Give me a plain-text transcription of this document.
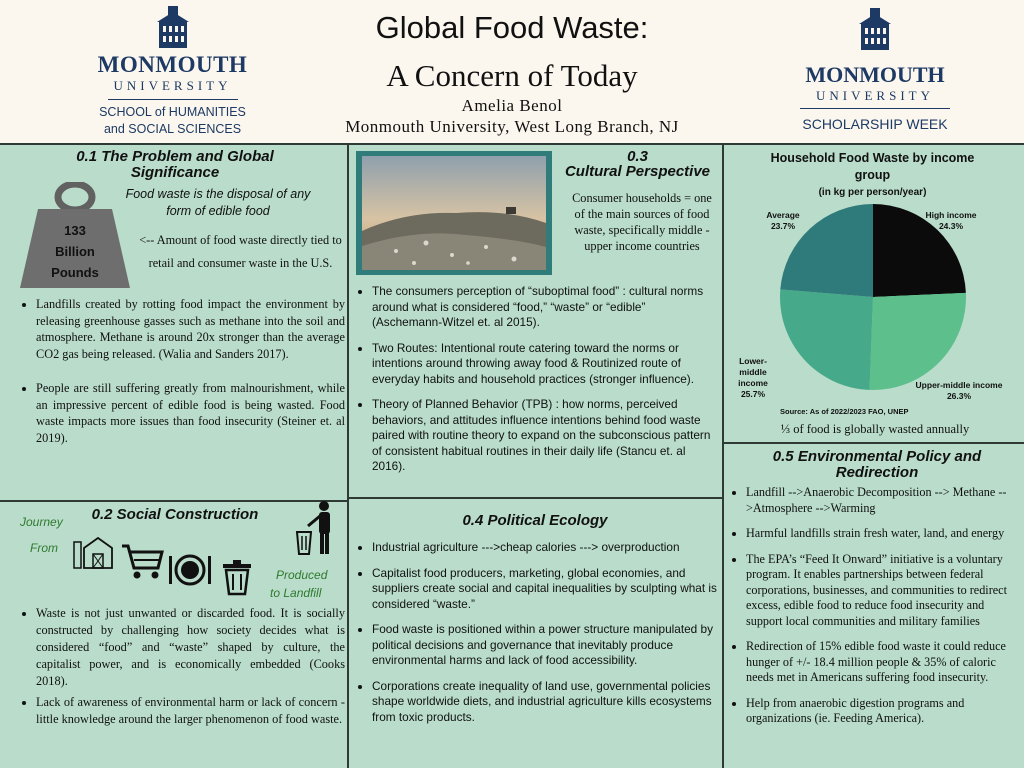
MONMOUTH
UNIVERSITY
SCHOOL of HUMANITIES
and SOCIAL SCIENCES
Global Food Waste:
A Concern of Today
Amelia Benol
Monmouth University, West Long Branch, NJ
MONMOUTH
UNIVERSITY
SCHOLARSHIP WEEK
0.1 The Problem and Global Significance
Food waste is the disposal of any form of edible food
133
Billion
Pounds
<-- Amount of food waste directly tied to retail and consumer waste in the U.S.
• Landfills created by rotting food impact the environment by releasing greenhouse gasses such as methane into the soil and atmosphere. Methane is around 20x stronger than the average CO2 gas being released. (Walia and Sanders 2017).
• People are still suffering greatly from malnourishment, while an impressive percent of edible food is being wasted. Food waste impacts more issues than food insecurity (Steiner et. al 2019).
0.2 Social Construction
Journey
From
Produced
to Landfill
• Waste is not just unwanted or discarded food. It is socially constructed by challenging how society decides what is considered “food” and “waste” shaped by culture, the capitalist power, and is economically embedded (Cooks 2018).
• Lack of awareness of environmental harm or lack of concern - little knowledge around the larger phenomenon of food waste.
0.3
Cultural Perspective
Consumer households = one of the main sources of food waste, specifically middle - upper income countries
• The consumers perception of “suboptimal food” : cultural norms around what is considered “food,” “waste” or “edible” (Aschemann-Witzel et. al 2015).
• Two Routes: Intentional route catering toward the norms or intentions around throwing away food & Routinized route of everyday habits and household practices (stronger influence).
• Theory of Planned Behavior (TPB) : how norms, perceived behaviors, and attitudes influence intentions behind food waste paired with routine theory to expand on the subconscious pattern of consistent habitual routines in their daily life (Stancu et. al 2016).
0.4 Political Ecology
• Industrial agriculture --->cheap calories ---> overproduction
• Capitalist food producers, marketing, global economies, and suppliers create social and capital inequalities by sculpting what is considered “waste.”
• Food waste is positioned within a power structure manipulated by political decisions and governance that inevitably produce environmental harms and lack of food accessibility.
• Corporations create inequality of land use, governmental policies shape worldwide diets, and industrial agriculture kills ecosystems from toxic products.
Household Food Waste by income group
(in kg per person/year)
High income 24.3%
Upper-middle income 26.3%
Lower-middle income 25.7%
Average 23.7%
Source: As of 2022/2023 FAO, UNEP
⅓ of food is globally wasted annually
0.5 Environmental Policy and Redirection
• Landfill -->Anaerobic Decomposition --> Methane -->Atmosphere -->Warming
• Harmful landfills strain fresh water, land, and energy
• The EPA’s “Feed It Onward” initiative is a voluntary program. It enables partnerships between federal corporations, businesses, and communities to redirect excess, edible food to reduce food insecurity and support local communities and military families
• Redirection of 15% edible food waste it could reduce hunger of +/- 18.4 million people & 35% of caloric needs met in Americans suffering food insecurity.
• Help from anaerobic digestion programs and organizations (ie. Feeding America).
